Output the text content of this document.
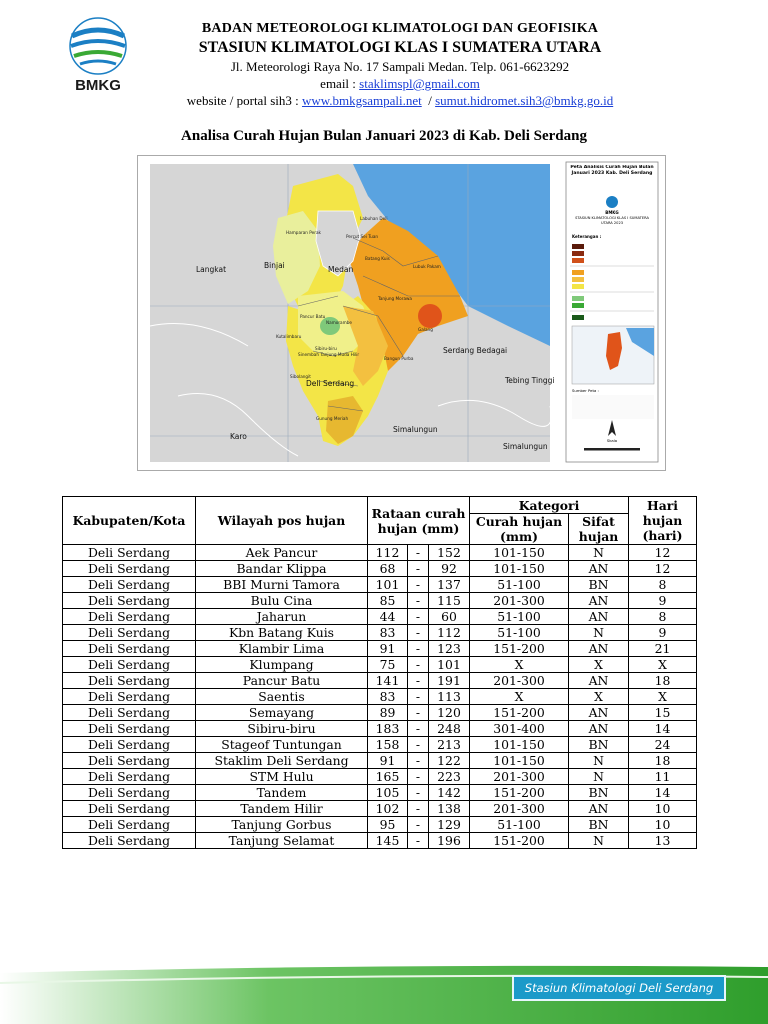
BMKG
BADAN METEOROLOGI KLIMATOLOGI DAN GEOFISIKA
STASIUN KLIMATOLOGI KLAS I SUMATERA UTARA
Jl. Meteorologi Raya No. 17 Sampali Medan. Telp. 061-6623292
email : staklimspl@gmail.com
website / portal sih3 : www.bmkgsampali.net  / sumut.hidromet.sih3@bmkg.go.id
Analisa Curah Hujan Bulan Januari 2023 di Kab. Deli Serdang
Langkat	Binjai	Medan
Serdang Bedagai
Tebing Tinggi
Karo
Simalungun
Simalungun
Deli Serdang
Hamparan Perak
Labuhan Deli
Percut Sei Tuan
Batang Kuis
Lubuk Pakam
Tanjung Morawa
Pancur Batu
Namorambe
Kutalimbaru
Sibiru-biru
Sinembah Tanjung Muda Hilir
Bangun Purba
Galang
Sibolangit
Gunung Meriah
Peta Analisis Curah Hujan Bulan Januari 2023 Kab. Deli Serdang
BMKG
STASIUN KLIMATOLOGI KLAS I SUMATERA UTARA 2023
Keterangan :
Sumber Peta :
Skala
Kabupaten/Kota	Wilayah pos hujan	Rataan curah hujan (mm)			Kategori		Hari hujan (hari)
					Curah hujan (mm)	Sifat hujan	
Deli Serdang	Aek Pancur	112	-	152	101-150	N	12
Deli Serdang	Bandar Klippa	68	-	92	101-150	AN	12
Deli Serdang	BBI Murni Tamora	101	-	137	51-100	BN	8
Deli Serdang	Bulu Cina	85	-	115	201-300	AN	9
Deli Serdang	Jaharun	44	-	60	51-100	AN	8
Deli Serdang	Kbn Batang Kuis	83	-	112	51-100	N	9
Deli Serdang	Klambir Lima	91	-	123	151-200	AN	21
Deli Serdang	Klumpang	75	-	101	X	X	X
Deli Serdang	Pancur Batu	141	-	191	201-300	AN	18
Deli Serdang	Saentis	83	-	113	X	X	X
Deli Serdang	Semayang	89	-	120	151-200	AN	15
Deli Serdang	Sibiru-biru	183	-	248	301-400	AN	14
Deli Serdang	Stageof Tuntungan	158	-	213	101-150	BN	24
Deli Serdang	Staklim Deli Serdang	91	-	122	101-150	N	18
Deli Serdang	STM Hulu	165	-	223	201-300	N	11
Deli Serdang	Tandem	105	-	142	151-200	BN	14
Deli Serdang	Tandem Hilir	102	-	138	201-300	AN	10
Deli Serdang	Tanjung Gorbus	95	-	129	51-100	BN	10
Deli Serdang	Tanjung Selamat	145	-	196	151-200	N	13
Stasiun Klimatologi Deli Serdang
